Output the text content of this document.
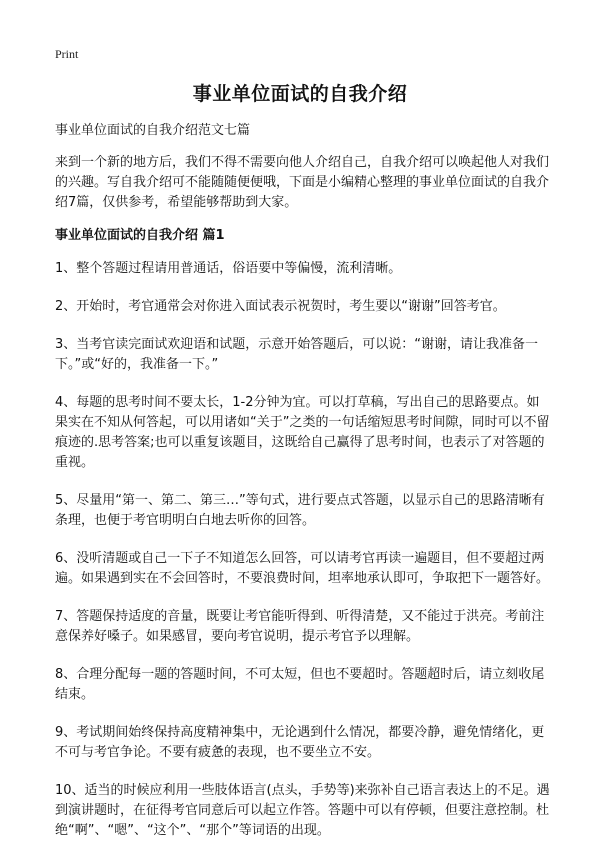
Print
事业单位面试的自我介绍

事业单位面试的自我介绍范文七篇

来到一个新的地方后，我们不得不需要向他人介绍自己，自我介绍可以唤起他人对我们的兴趣。写自我介绍可不能随随便便哦，下面是小编精心整理的事业单位面试的自我介绍7篇，仅供参考，希望能够帮助到大家。

事业单位面试的自我介绍 篇1

1、整个答题过程请用普通话，俗语要中等偏慢，流利清晰。

2、开始时，考官通常会对你进入面试表示祝贺时，考生要以“谢谢”回答考官。

3、当考官读完面试欢迎语和试题，示意开始答题后，可以说：“谢谢，请让我准备一下。”或“好的，我准备一下。”

4、每题的思考时间不要太长，1-2分钟为宜。可以打草稿，写出自己的思路要点。如果实在不知从何答起，可以用诸如“关于”之类的一句话缩短思考时间隙，同时可以不留痕迹的.思考答案;也可以重复该题目，这既给自己赢得了思考时间，也表示了对答题的重视。

5、尽量用“第一、第二、第三…”等句式，进行要点式答题，以显示自己的思路清晰有条理，也便于考官明明白白地去听你的回答。

6、没听清题或自己一下子不知道怎么回答，可以请考官再读一遍题目，但不要超过两遍。如果遇到实在不会回答时，不要浪费时间，坦率地承认即可，争取把下一题答好。

7、答题保持适度的音量，既要让考官能听得到、听得清楚，又不能过于洪亮。考前注意保养好嗓子。如果感冒，要向考官说明，提示考官予以理解。

8、合理分配每一题的答题时间，不可太短，但也不要超时。答题超时后，请立刻收尾结束。

9、考试期间始终保持高度精神集中，无论遇到什么情况，都要冷静，避免情绪化，更不可与考官争论。不要有疲惫的表现，也不要坐立不安。

10、适当的时候应利用一些肢体语言(点头，手势等)来弥补自己语言表达上的不足。遇到演讲题时，在征得考官同意后可以起立作答。答题中可以有停顿，但要注意控制。杜绝“啊”、“嗯”、“这个”、“那个”等词语的出现。
